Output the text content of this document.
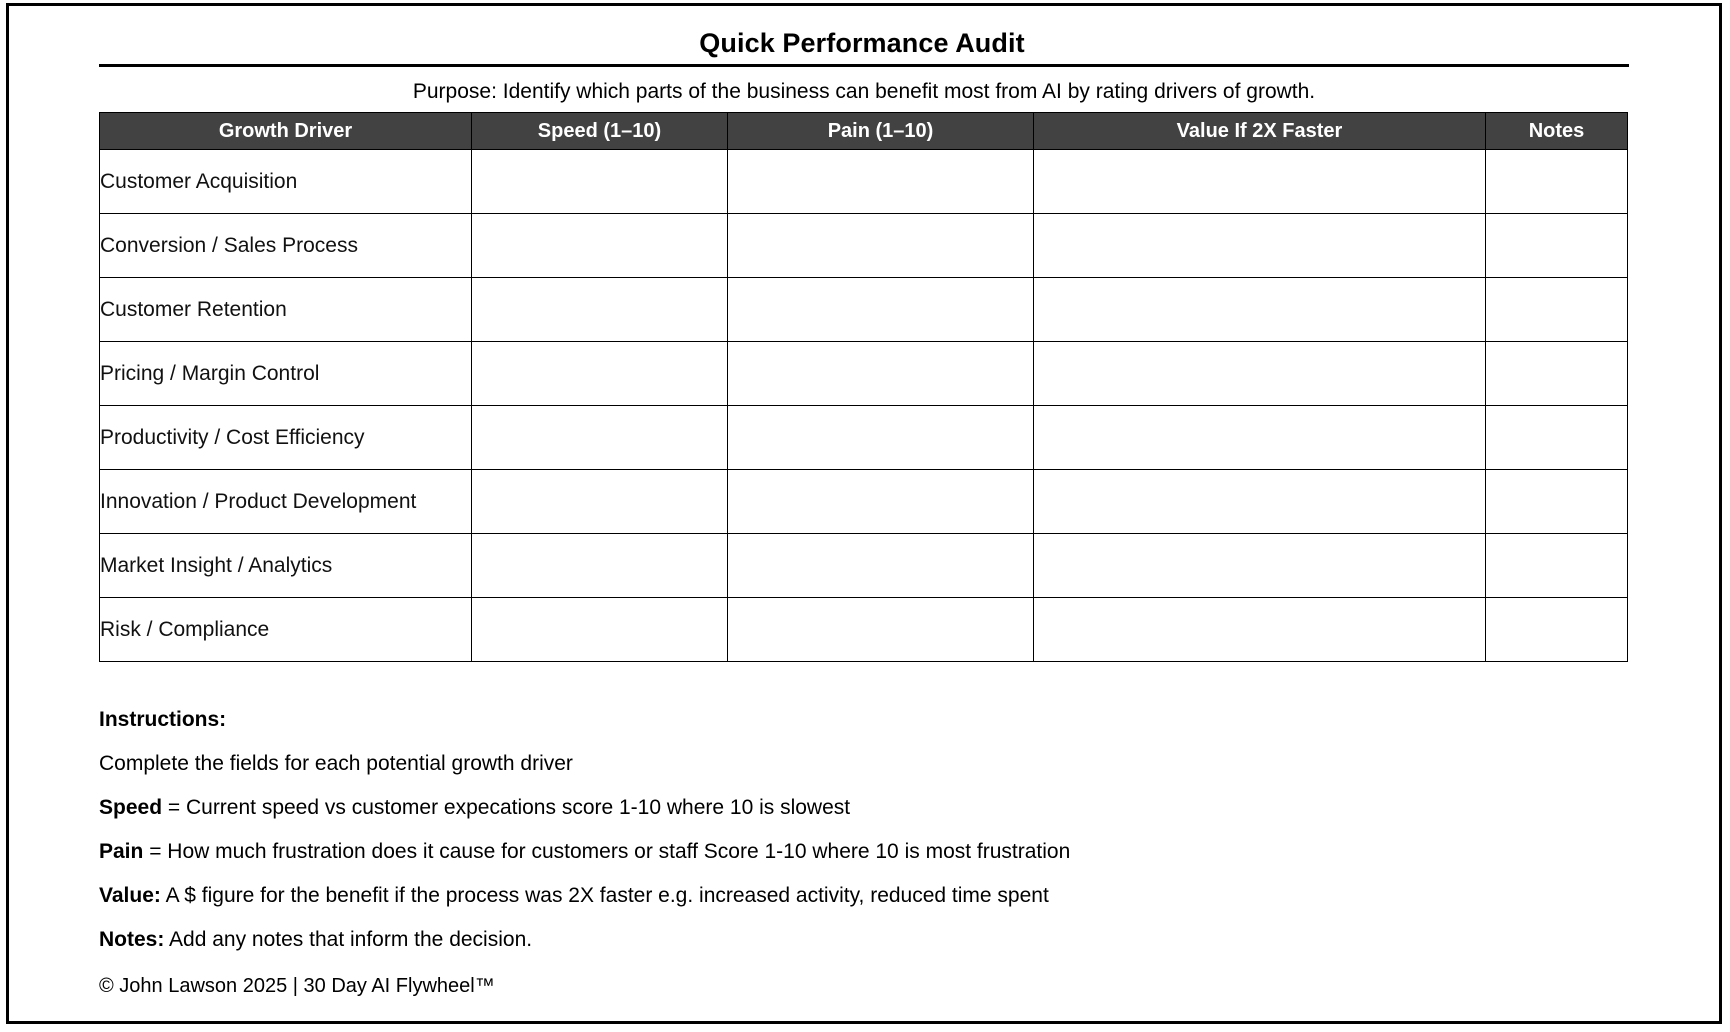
Quick Performance Audit
Purpose: Identify which parts of the business can benefit most from AI by rating drivers of growth.
Growth Driver	Speed (1–10)	Pain (1–10)	Value If 2X Faster	Notes
Customer Acquisition				
Conversion / Sales Process				
Customer Retention				
Pricing / Margin Control				
Productivity / Cost Efficiency				
Innovation / Product Development				
Market Insight / Analytics				
Risk / Compliance				
Instructions:
Complete the fields for each potential growth driver
Speed = Current speed vs customer expecations score 1-10 where 10 is slowest
Pain = How much frustration does it cause for customers or staff Score 1-10 where 10 is most frustration
Value: A $ figure for the benefit if the process was 2X faster e.g. increased activity, reduced time spent
Notes: Add any notes that inform the decision.
© John Lawson 2025 | 30 Day AI Flywheel™
